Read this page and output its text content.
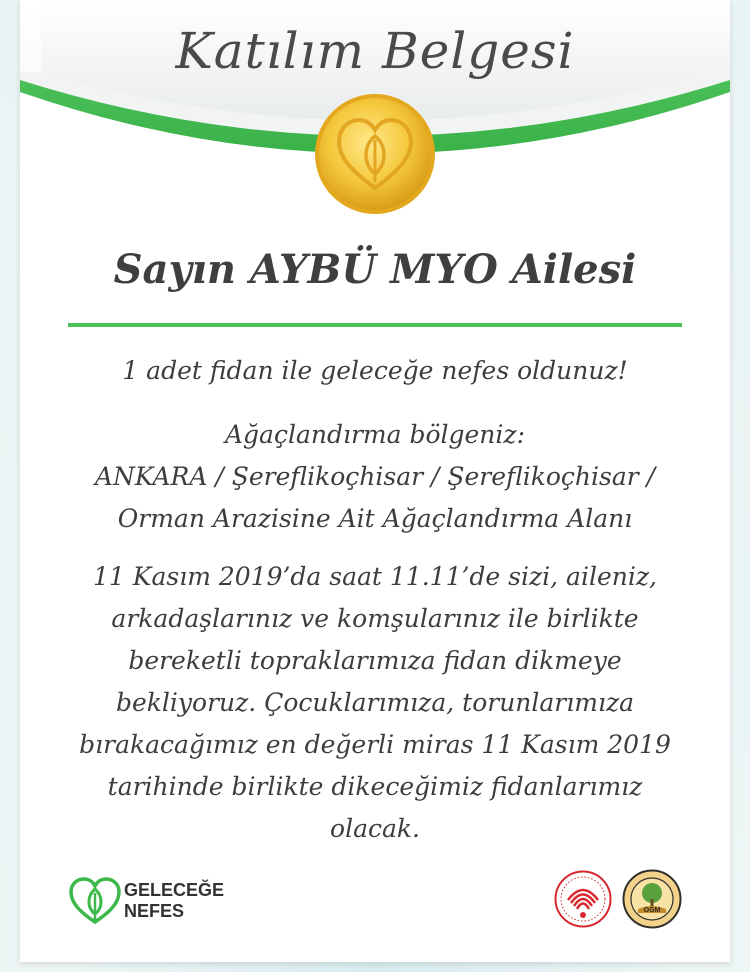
Katılım Belgesi
Sayın AYBÜ MYO Ailesi
1 adet fidan ile geleceğe nefes oldunuz!
Ağaçlandırma bölgeniz:
ANKARA / Şereflikoçhisar / Şereflikoçhisar /
Orman Arazisine Ait Ağaçlandırma Alanı
11 Kasım 2019’da saat 11.11’de sizi, aileniz,
arkadaşlarınız ve komşularınız ile birlikte
bereketli topraklarımıza fidan dikmeye
bekliyoruz. Çocuklarımıza, torunlarımıza
bırakacağımız en değerli miras 11 Kasım 2019
tarihinde birlikte dikeceğimiz fidanlarımız
olacak.
GELECEĞE
NEFES	OGM
